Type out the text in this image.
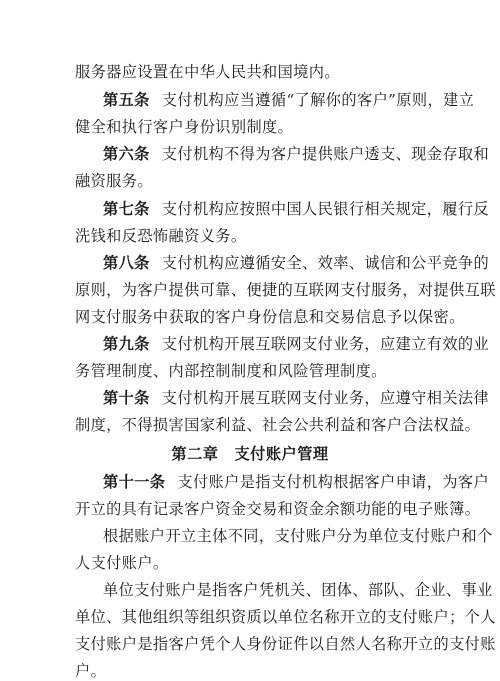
服务器应设置在中华人民共和国境内。
第五条 支付机构应当遵循“了解你的客户”原则，建立
健全和执行客户身份识别制度。
第六条 支付机构不得为客户提供账户透支、现金存取和
融资服务。
第七条 支付机构应按照中国人民银行相关规定，履行反
洗钱和反恐怖融资义务。
第八条 支付机构应遵循安全、效率、诚信和公平竞争的
原则，为客户提供可靠、便捷的互联网支付服务，对提供互联
网支付服务中获取的客户身份信息和交易信息予以保密。
第九条 支付机构开展互联网支付业务，应建立有效的业
务管理制度、内部控制制度和风险管理制度。
第十条 支付机构开展互联网支付业务，应遵守相关法律
制度，不得损害国家利益、社会公共利益和客户合法权益。
第二章 支付账户管理
第十一条 支付账户是指支付机构根据客户申请，为客户
开立的具有记录客户资金交易和资金余额功能的电子账簿。
根据账户开立主体不同，支付账户分为单位支付账户和个
人支付账户。
单位支付账户是指客户凭机关、团体、部队、企业、事业
单位、其他组织等组织资质以单位名称开立的支付账户；个人
支付账户是指客户凭个人身份证件以自然人名称开立的支付账
户。
